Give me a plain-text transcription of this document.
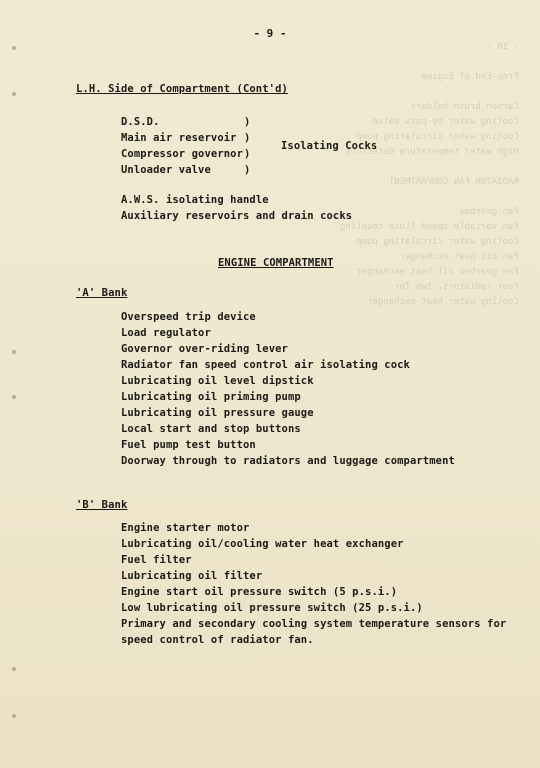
- 10 -

Free-End of Engine

Carbon brush holders
Cooling water by-pass valve
Cooling water circulating pump
High water temperature detectors

RADIATOR FAN COMPARTMENT

Fan gearbox
Fan variable speed fluid coupling
Cooling water circulating pump
Fan oil heat exchanger
Fan gearbox oil heat exchanger
Four radiators, two for
Cooling water heat exchanger
- 9 -
L.H. Side of Compartment (Cont'd)
D.S.D.
Main air reservoir
Compressor governor
Unloader valve
)
)
)
)
Isolating Cocks
A.W.S. isolating handle
Auxiliary reservoirs and drain cocks
ENGINE COMPARTMENT
'A' Bank
Overspeed trip device
Load regulator
Governor over-riding lever
Radiator fan speed control air isolating cock
Lubricating oil level dipstick
Lubricating oil priming pump
Lubricating oil pressure gauge
Local start and stop buttons
Fuel pump test button
Doorway through to radiators and luggage compartment
'B' Bank
Engine starter motor
Lubricating oil/cooling water heat exchanger
Fuel filter
Lubricating oil filter
Engine start oil pressure switch (5 p.s.i.)
Low lubricating oil pressure switch (25 p.s.i.)
Primary and secondary cooling system temperature sensors for
speed control of radiator fan.
